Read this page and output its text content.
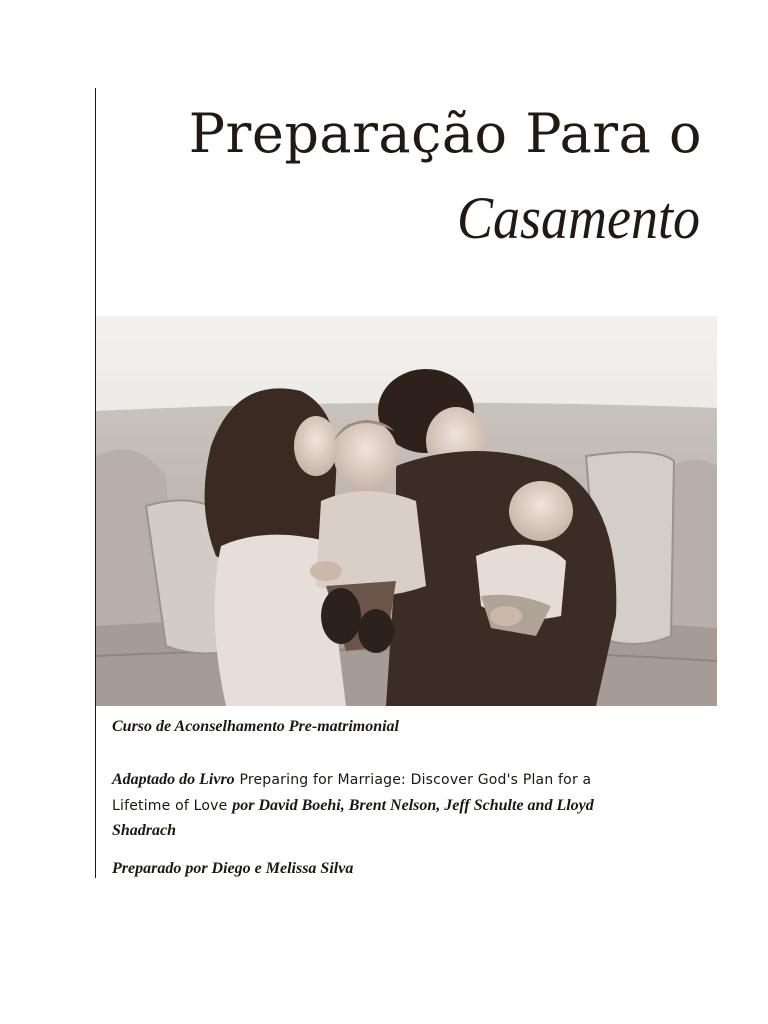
Preparação Para o
Casamento
Curso de Aconselhamento Pre-matrimonial
Adaptado do Livro Preparing for Marriage: Discover God's Plan for a
Lifetime of Love por David Boehi, Brent Nelson, Jeff Schulte and Lloyd
Shadrach
Preparado por Diego e Melissa Silva
